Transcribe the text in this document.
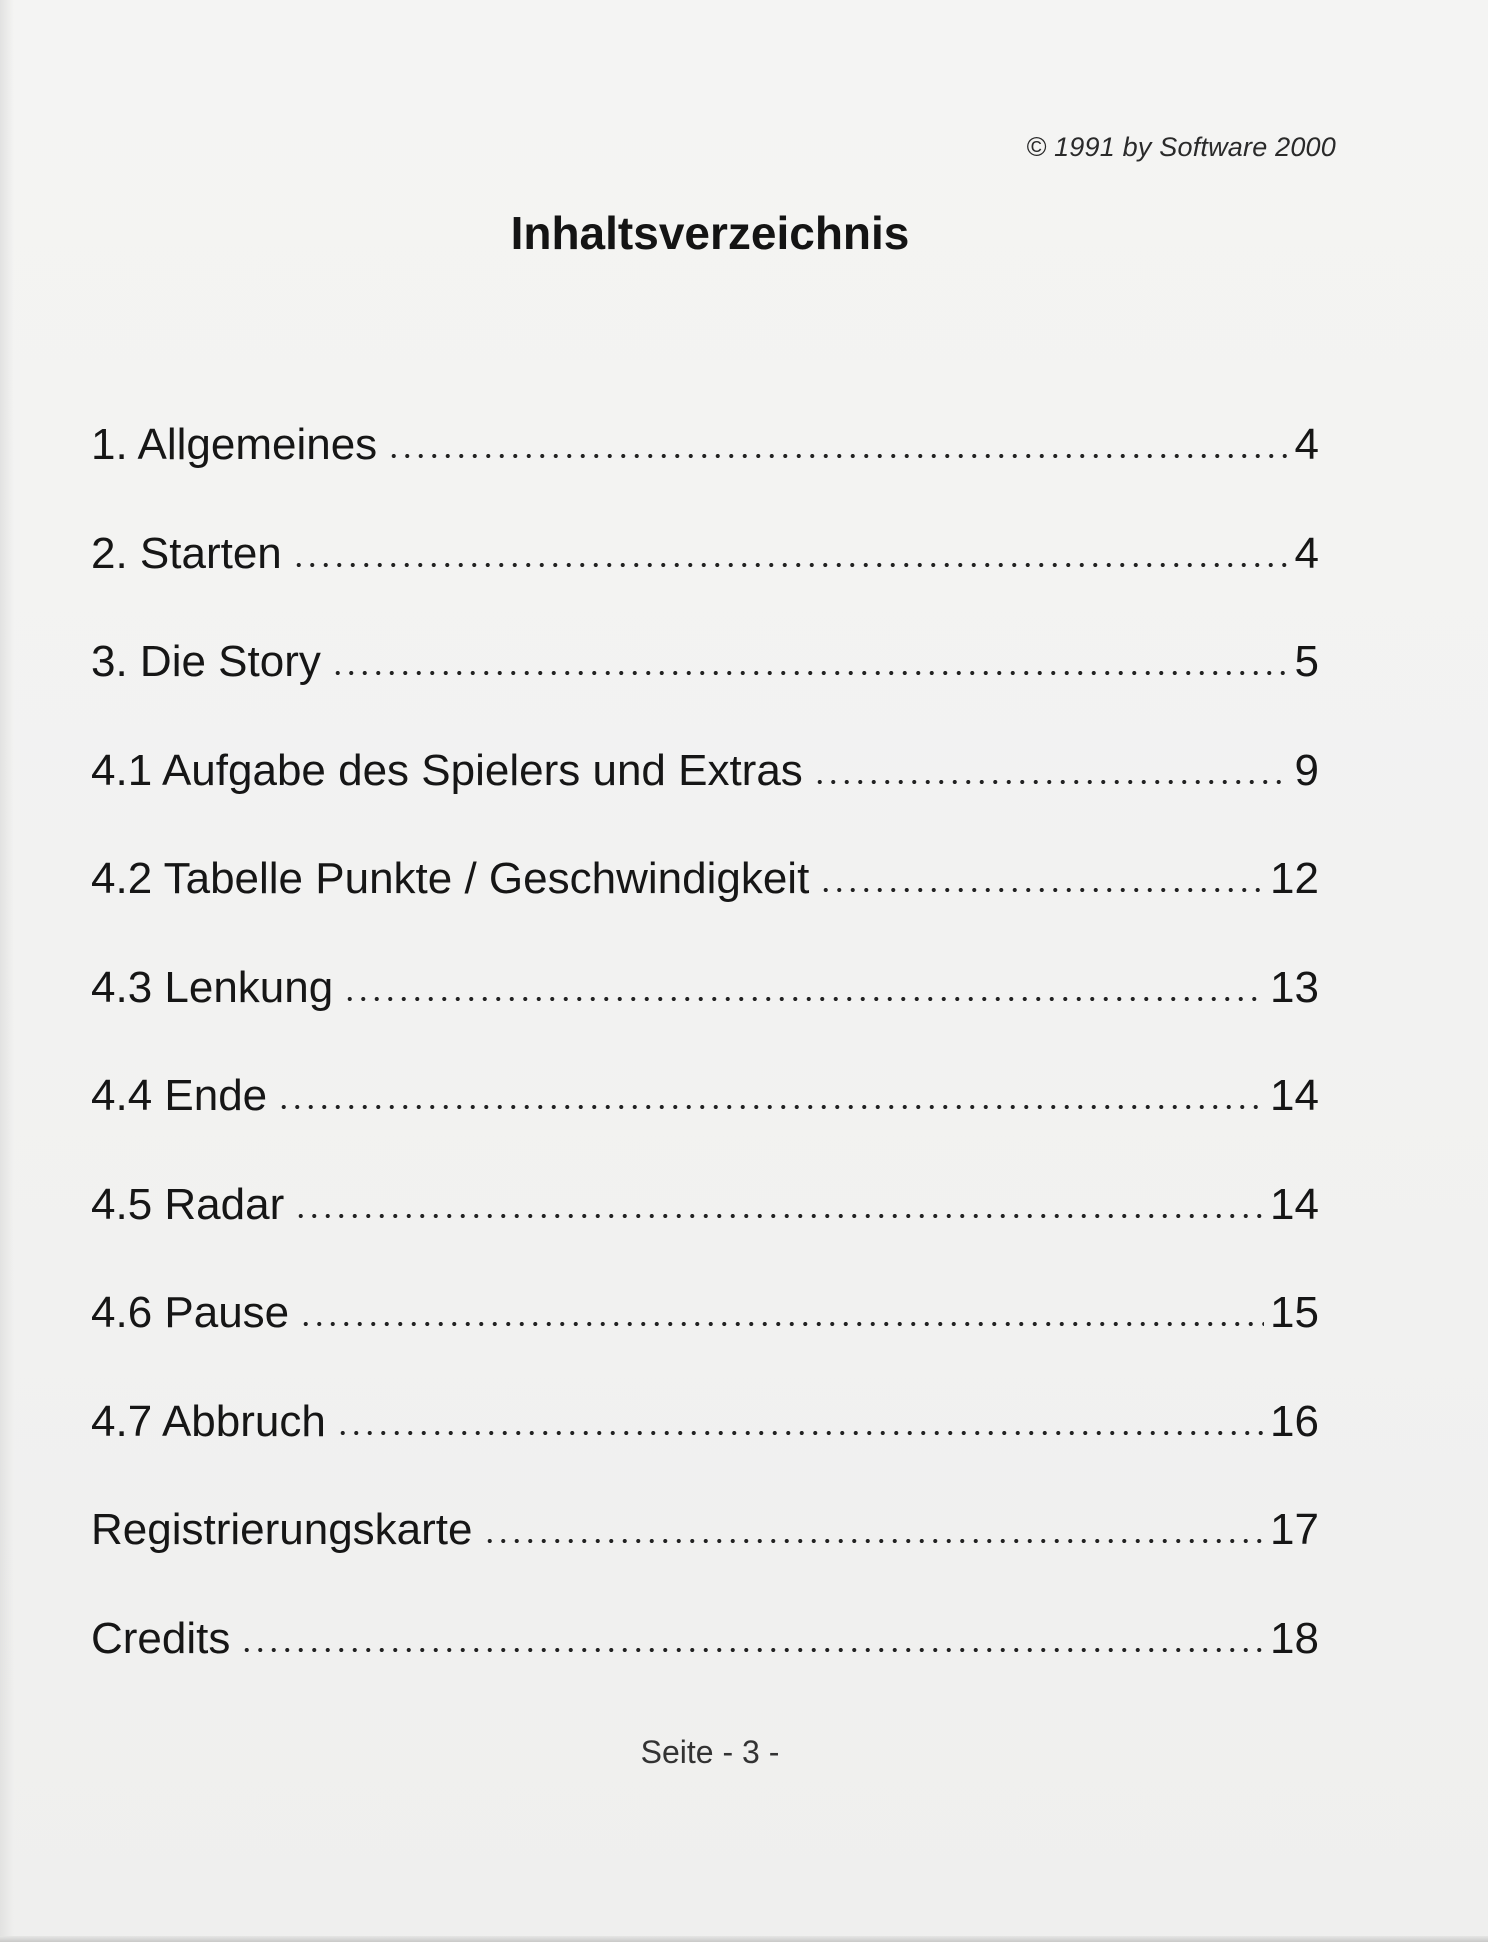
© 1991 by Software 2000
Inhaltsverzeichnis
1. Allgemeines	4
2. Starten	4
3. Die Story	5
4.1 Aufgabe des Spielers und Extras	9
4.2 Tabelle Punkte / Geschwindigkeit	12
4.3 Lenkung	13
4.4 Ende	14
4.5 Radar	14
4.6 Pause	15
4.7 Abbruch	16
Registrierungskarte	17
Credits	18
Seite - 3 -
